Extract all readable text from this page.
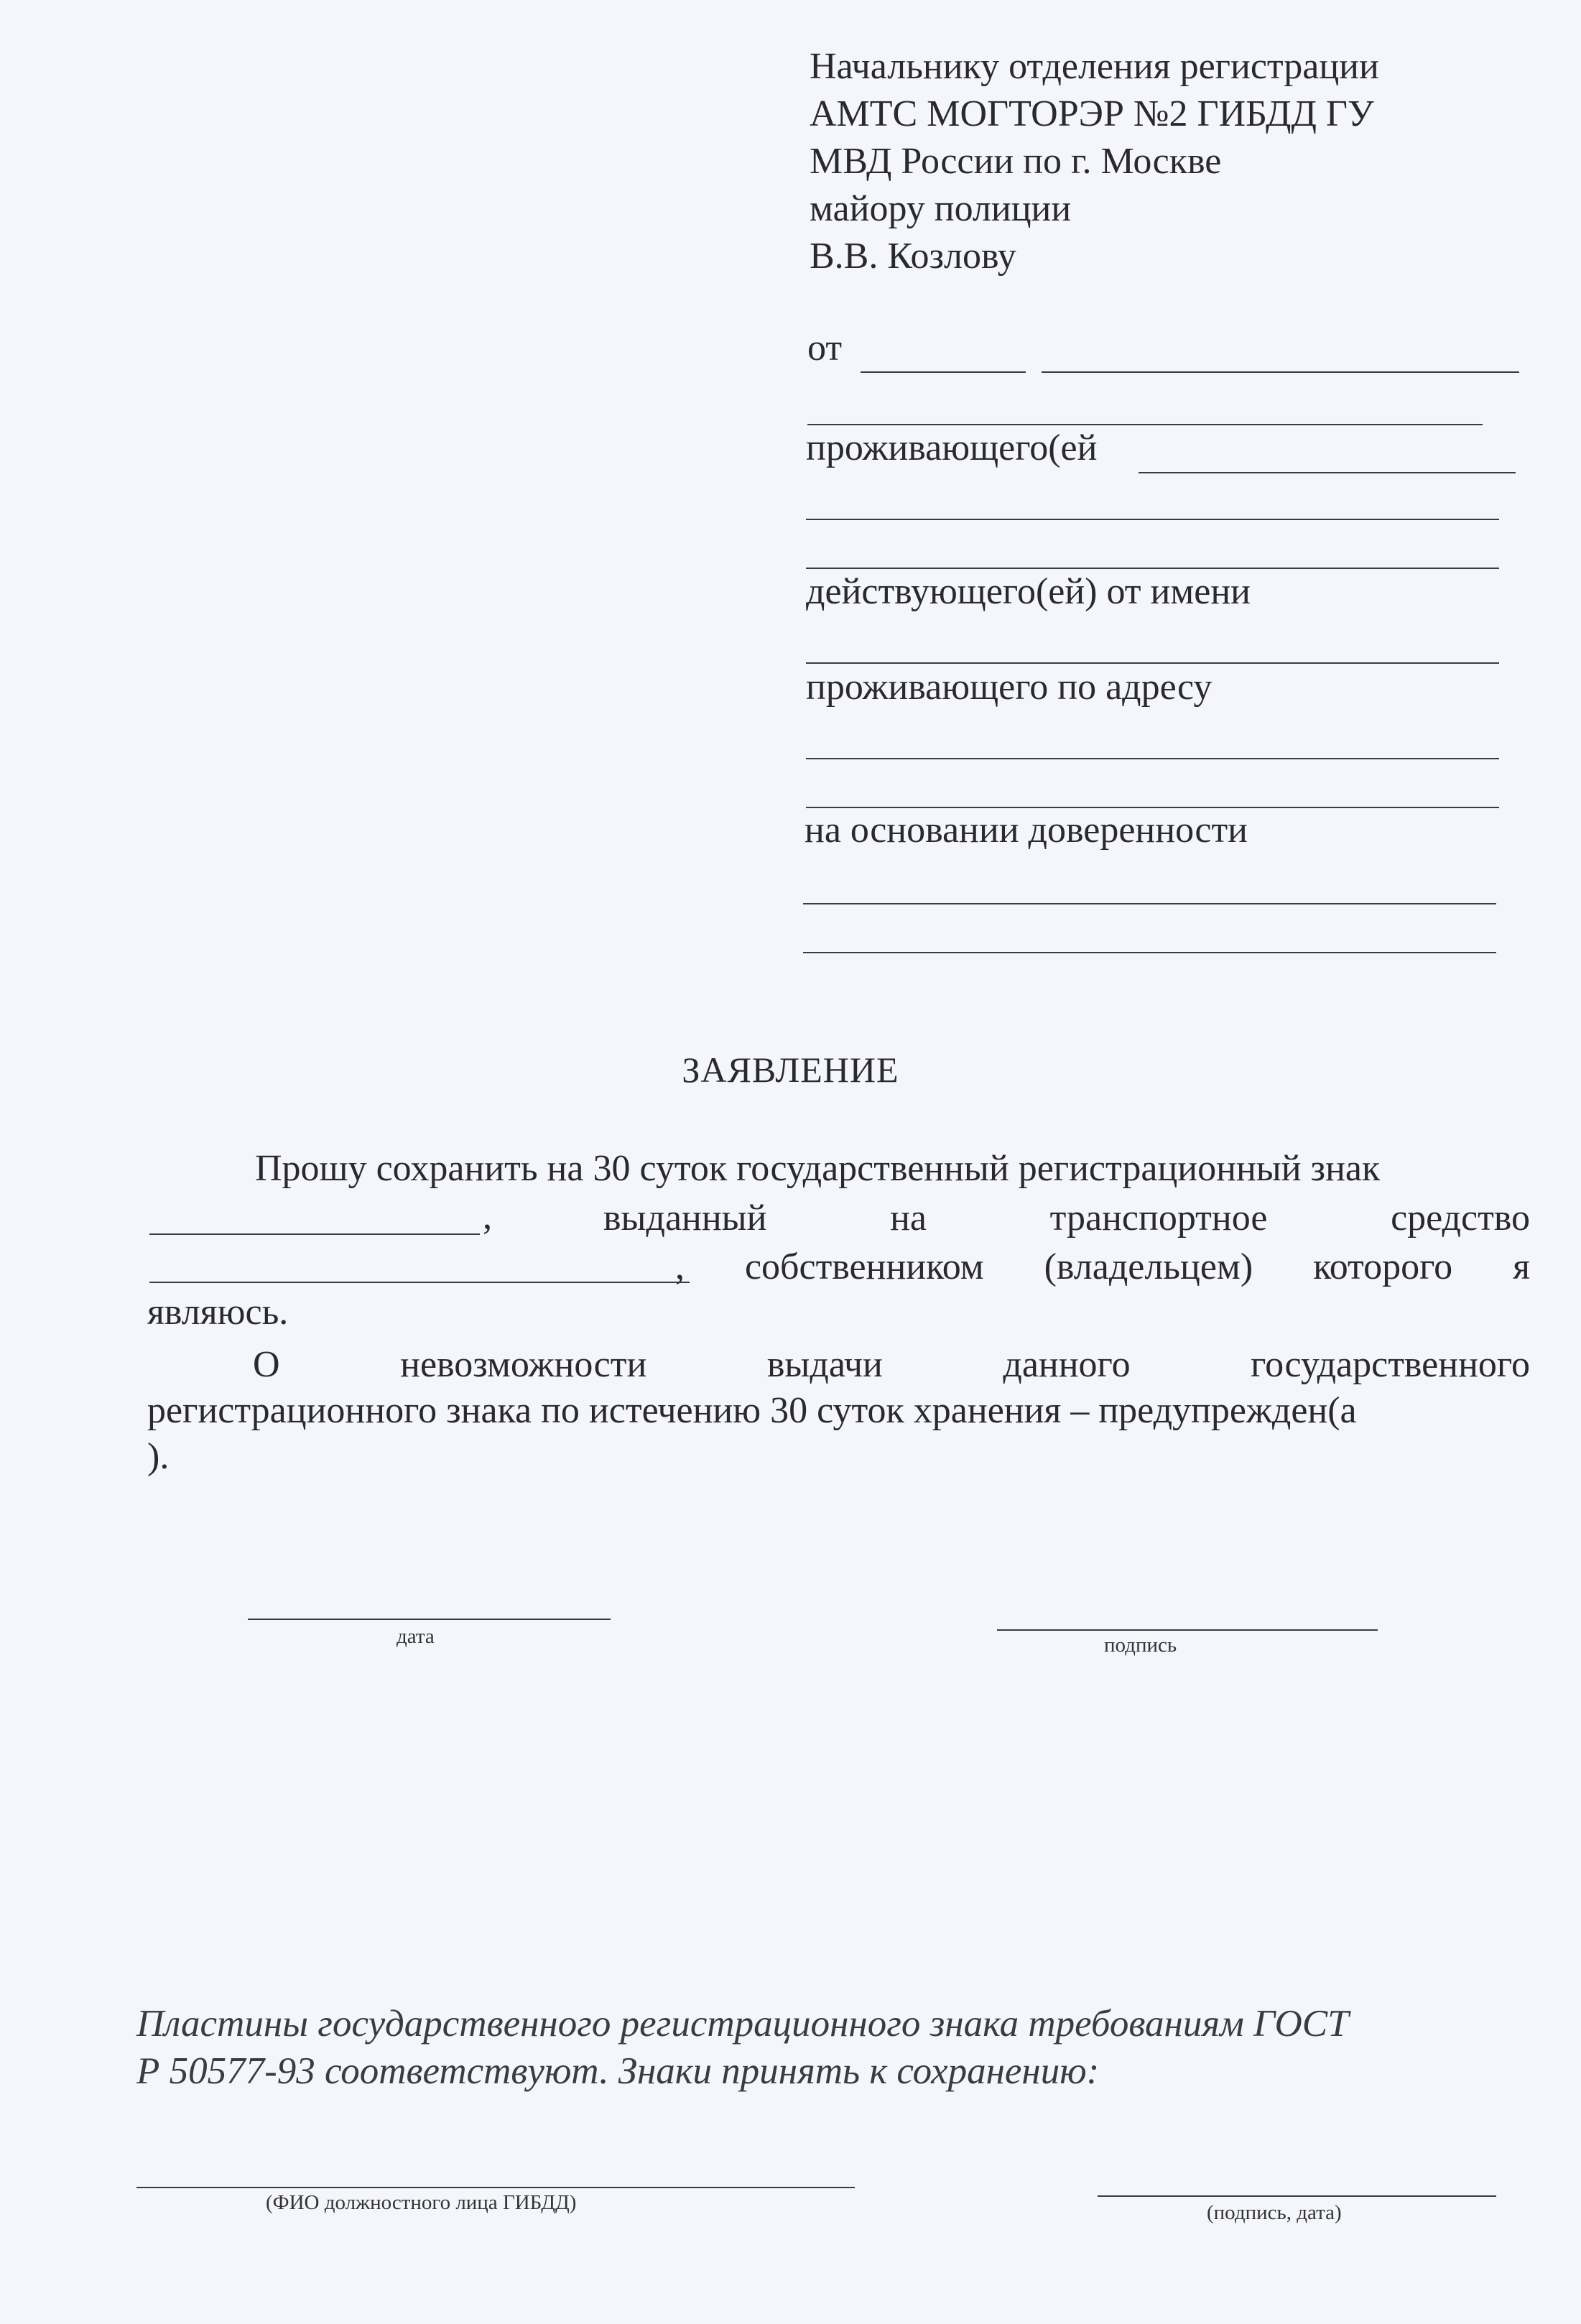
Начальнику отделения регистрации
АМТС МОГТОРЭР №2 ГИБДД ГУ
МВД России по г. Москве
майору полиции
В.В. Козлову
от
проживающего(ей
действующего(ей) от имени
проживающего по адресу
на основании доверенности
ЗАЯВЛЕНИЕ
Прошу сохранить на 30 суток государственный регистрационный знак
,	выданный	на	транспортное	средство
, собственником (владельцем) которого я
являюсь.
О	невозможности	выдачи	данного	государственного
регистрационного знака по истечению 30 суток хранения – предупрежден(а
).
дата	подпись
Пластины государственного регистрационного знака требованиям ГОСТ
Р 50577-93 соответствуют. Знаки принять к сохранению:
(ФИО должностного лица ГИБДД)	(подпись, дата)
